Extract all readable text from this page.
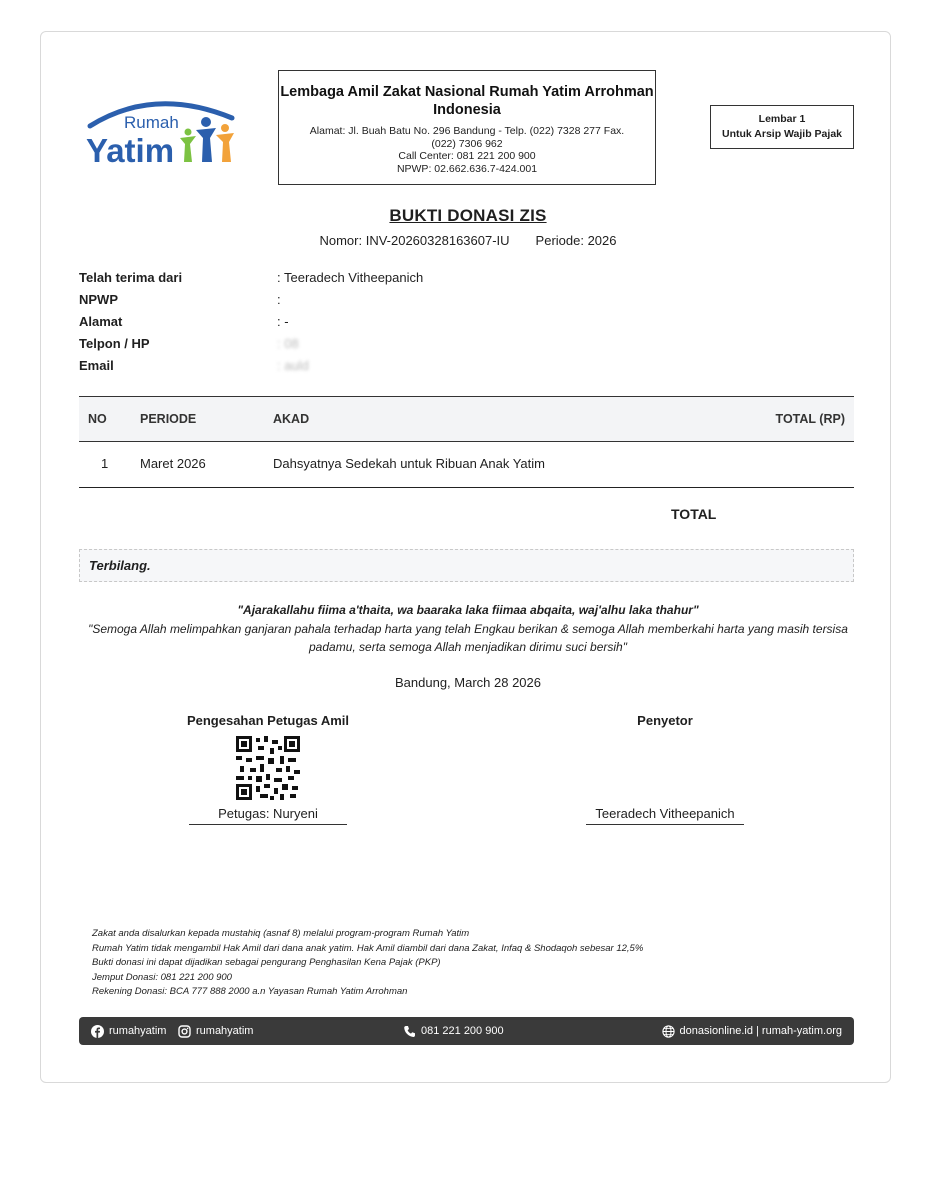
Rumah
Yatim
Lembaga Amil Zakat Nasional Rumah Yatim Arrohman Indonesia
Alamat: Jl. Buah Batu No. 296 Bandung - Telp. (022) 7328 277 Fax. (022) 7306 962
Call Center: 081 221 200 900
NPWP: 02.662.636.7-424.001
Lembar 1
Untuk Arsip Wajib Pajak
BUKTI DONASI ZIS
Nomor: INV-20260328163607-IU Periode: 2026
Telah terima dari	: Teeradech Vitheepanich
NPWP	:
Alamat	: -
Telpon / HP	: 08
Email	: auld
NO	PERIODE	AKAD	TOTAL (RP)
1 Maret 2026	Dahsyatnya Sedekah untuk Ribuan Anak Yatim
TOTAL
Terbilang.
"Ajarakallahu fiima a'thaita, wa baaraka laka fiimaa abqaita, waj'alhu laka thahur"
"Semoga Allah melimpahkan ganjaran pahala terhadap harta yang telah Engkau berikan & semoga Allah memberkahi harta yang masih tersisa padamu, serta semoga Allah menjadikan dirimu suci bersih"
Bandung, March 28 2026
Pengesahan Petugas Amil	Penyetor
Petugas: Nuryeni	Teeradech Vitheepanich
Zakat anda disalurkan kepada mustahiq (asnaf 8) melalui program-program Rumah Yatim
Rumah Yatim tidak mengambil Hak Amil dari dana anak yatim. Hak Amil diambil dari dana Zakat, Infaq & Shodaqoh sebesar 12,5%
Bukti donasi ini dapat dijadikan sebagai pengurang Penghasilan Kena Pajak (PKP)
Jemput Donasi: 081 221 200 900
Rekening Donasi: BCA 777 888 2000 a.n Yayasan Rumah Yatim Arrohman
rumahyatim	rumahyatim	081 221 200 900	donasionline.id | rumah-yatim.org
